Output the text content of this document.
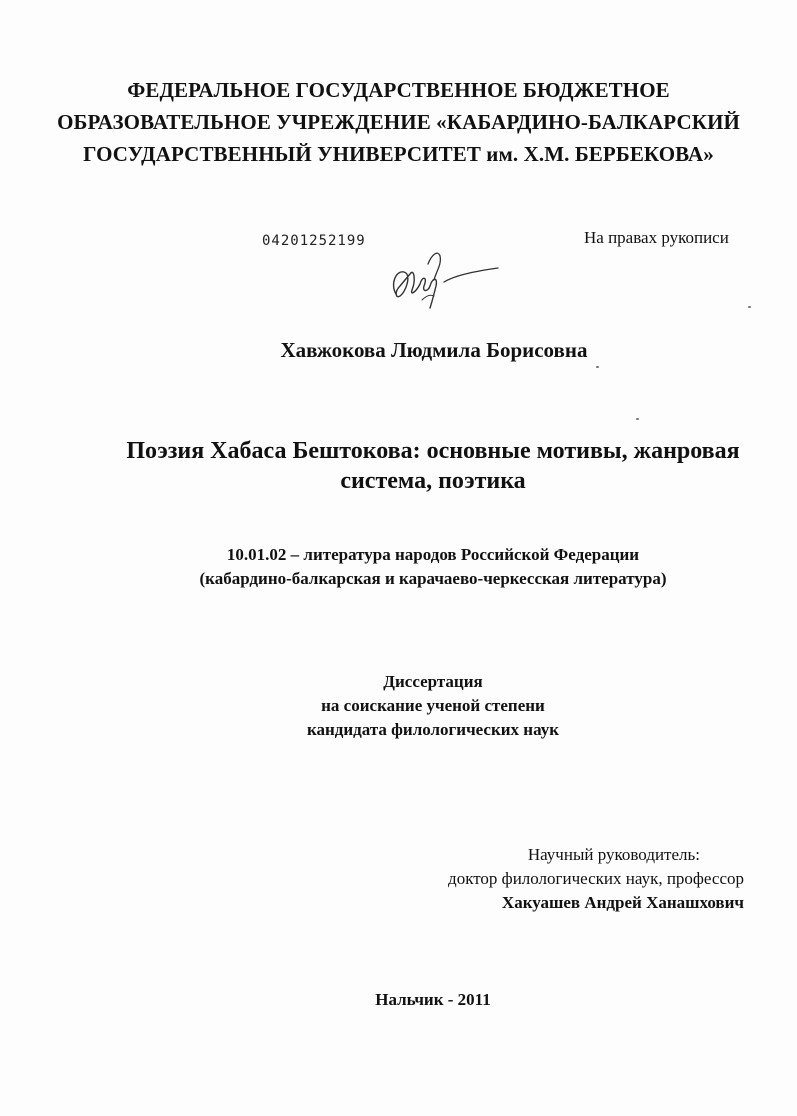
ФЕДЕРАЛЬНОЕ ГОСУДАРСТВЕННОЕ БЮДЖЕТНОЕ
ОБРАЗОВАТЕЛЬНОЕ УЧРЕЖДЕНИЕ «КАБАРДИНО-БАЛКАРСКИЙ
ГОСУДАРСТВЕННЫЙ УНИВЕРСИТЕТ им. Х.М. БЕРБЕКОВА»
04201252199	На правах рукописи
Хавжокова Людмила Борисовна
Поэзия Хабаса Бештокова: основные мотивы, жанровая
система, поэтика
10.01.02 – литература народов Российской Федерации
(кабардино-балкарская и карачаево-черкесская литература)
Диссертация
на соискание ученой степени
кандидата филологических наук
Научный руководитель:
доктор филологических наук, профессор
Хакуашев Андрей Ханашхович
Нальчик - 2011
